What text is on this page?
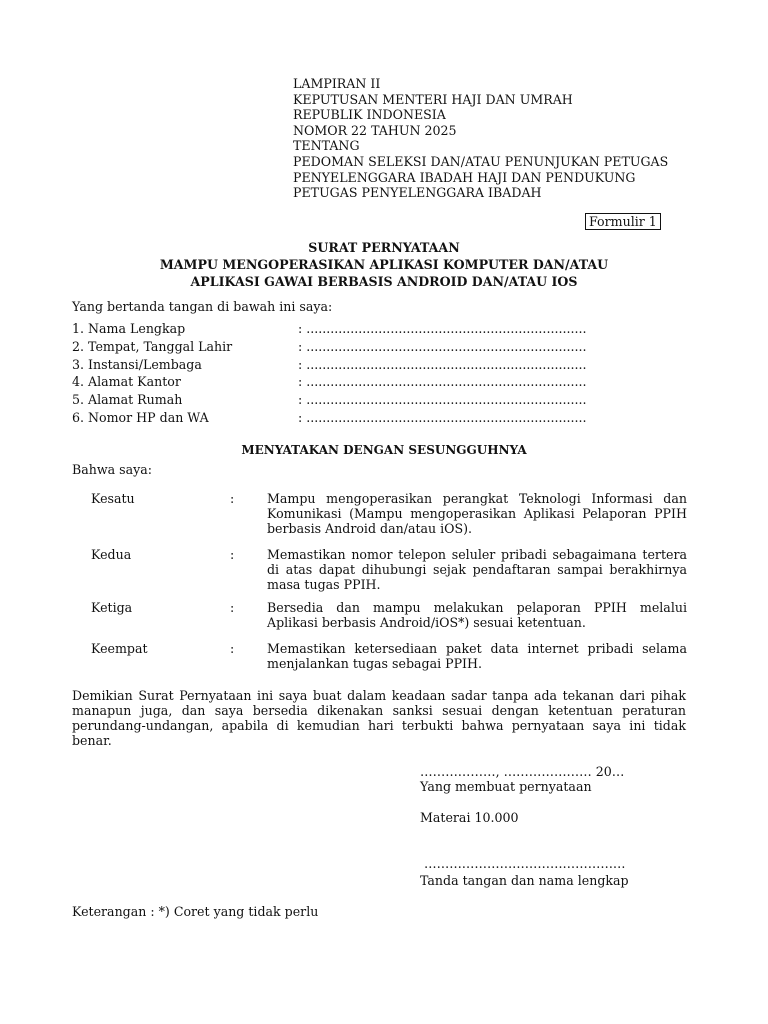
LAMPIRAN II
KEPUTUSAN MENTERI HAJI DAN UMRAH
REPUBLIK INDONESIA
NOMOR 22 TAHUN 2025
TENTANG
PEDOMAN SELEKSI DAN/ATAU PENUNJUKAN PETUGAS
PENYELENGGARA IBADAH HAJI DAN PENDUKUNG
PETUGAS PENYELENGGARA IBADAH
Formulir 1
SURAT PERNYATAAN
MAMPU MENGOPERASIKAN APLIKASI KOMPUTER DAN/ATAU
APLIKASI GAWAI BERBASIS ANDROID DAN/ATAU IOS
Yang bertanda tangan di bawah ini saya:
1. Nama Lengkap	: ......................................................................
2. Tempat, Tanggal Lahir	: ......................................................................
3. Instansi/Lembaga	: ......................................................................
4. Alamat Kantor	: ......................................................................
5. Alamat Rumah	: ......................................................................
6. Nomor HP dan WA	: ......................................................................
MENYATAKAN DENGAN SESUNGGUHNYA
Bahwa saya:
Kesatu	:	Mampu mengoperasikan perangkat Teknologi Informasi dan Komunikasi (Mampu mengoperasikan Aplikasi Pelaporan PPIH berbasis Android dan/atau iOS).
Kedua	:	Memastikan nomor telepon seluler pribadi sebagaimana tertera di atas dapat dihubungi sejak pendaftaran sampai berakhirnya masa tugas PPIH.
Ketiga	:	Bersedia dan mampu melakukan pelaporan PPIH melalui Aplikasi berbasis Android/iOS*) sesuai ketentuan.
Keempat	:	Memastikan ketersediaan paket data internet pribadi selama menjalankan tugas sebagai PPIH.
Demikian Surat Pernyataan ini saya buat dalam keadaan sadar tanpa ada tekanan dari pihak manapun juga, dan saya bersedia dikenakan sanksi sesuai dengan ketentuan peraturan perundang-undangan, apabila di kemudian hari terbukti bahwa pernyataan saya ini tidak benar.
………………, ………………… 20…
Yang membuat pernyataan
Materai 10.000
…………………………………………
Tanda tangan dan nama lengkap
Keterangan : *) Coret yang tidak perlu
